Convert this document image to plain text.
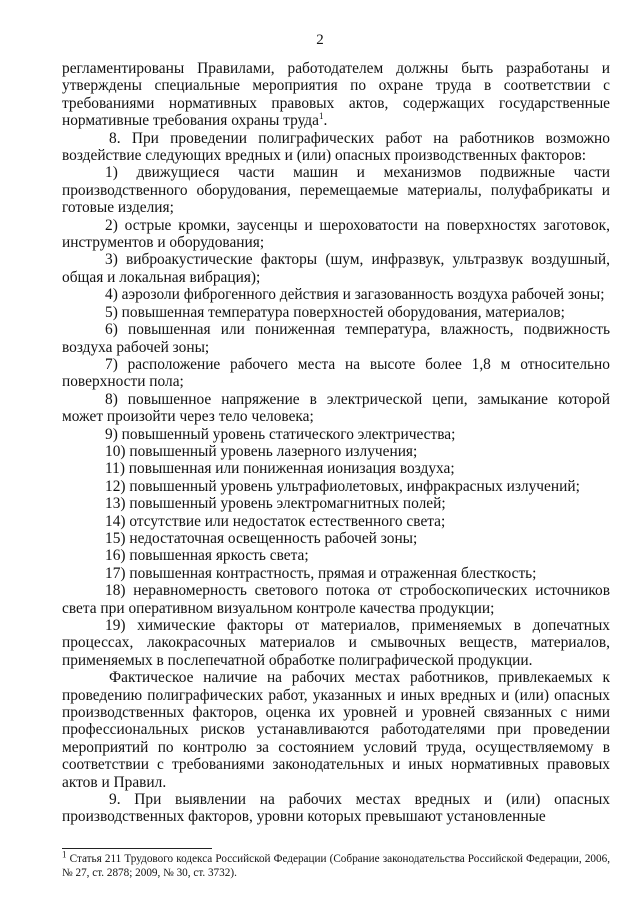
2

регламентированы Правилами, работодателем должны быть разработаны и утверждены специальные мероприятия по охране труда в соответствии с требованиями нормативных правовых актов, содержащих государственные нормативные требования охраны труда$^1$.

8. При проведении полиграфических работ на работников возможно воздействие следующих вредных и (или) опасных производственных факторов:

1) движущиеся части машин и механизмов подвижные части производственного оборудования, перемещаемые материалы, полуфабрикаты и готовые изделия;

2) острые кромки, заусенцы и шероховатости на поверхностях заготовок, инструментов и оборудования;

3) виброакустические факторы (шум, инфразвук, ультразвук воздушный, общая и локальная вибрация);

4) аэрозоли фиброгенного действия и загазованность воздуха рабочей зоны;

5) повышенная температура поверхностей оборудования, материалов;

6) повышенная или пониженная температура, влажность, подвижность воздуха рабочей зоны;

7) расположение рабочего места на высоте более 1,8 м относительно поверхности пола;

8) повышенное напряжение в электрической цепи, замыкание которой может произойти через тело человека;

9) повышенный уровень статического электричества;

10) повышенный уровень лазерного излучения;

11) повышенная или пониженная ионизация воздуха;

12) повышенный уровень ультрафиолетовых, инфракрасных излучений;

13) повышенный уровень электромагнитных полей;

14) отсутствие или недостаток естественного света;

15) недостаточная освещенность рабочей зоны;

16) повышенная яркость света;

17) повышенная контрастность, прямая и отраженная блесткость;

18) неравномерность светового потока от стробоскопических источников света при оперативном визуальном контроле качества продукции;

19) химические факторы от материалов, применяемых в допечатных процессах, лакокрасочных материалов и смывочных веществ, материалов, применяемых в послепечатной обработке полиграфической продукции.

Фактическое наличие на рабочих местах работников, привлекаемых к проведению полиграфических работ, указанных и иных вредных и (или) опасных производственных факторов, оценка их уровней и уровней связанных с ними профессиональных рисков устанавливаются работодателями при проведении мероприятий по контролю за состоянием условий труда, осуществляемому в соответствии с требованиями законодательных и иных нормативных правовых актов и Правил.

9. При выявлении на рабочих местах вредных и (или) опасных производственных факторов, уровни которых превышают установленные

$^1$ Статья 211 Трудового кодекса Российской Федерации (Собрание законодательства Российской Федерации, 2006, № 27, ст. 2878; 2009, № 30, ст. 3732).
